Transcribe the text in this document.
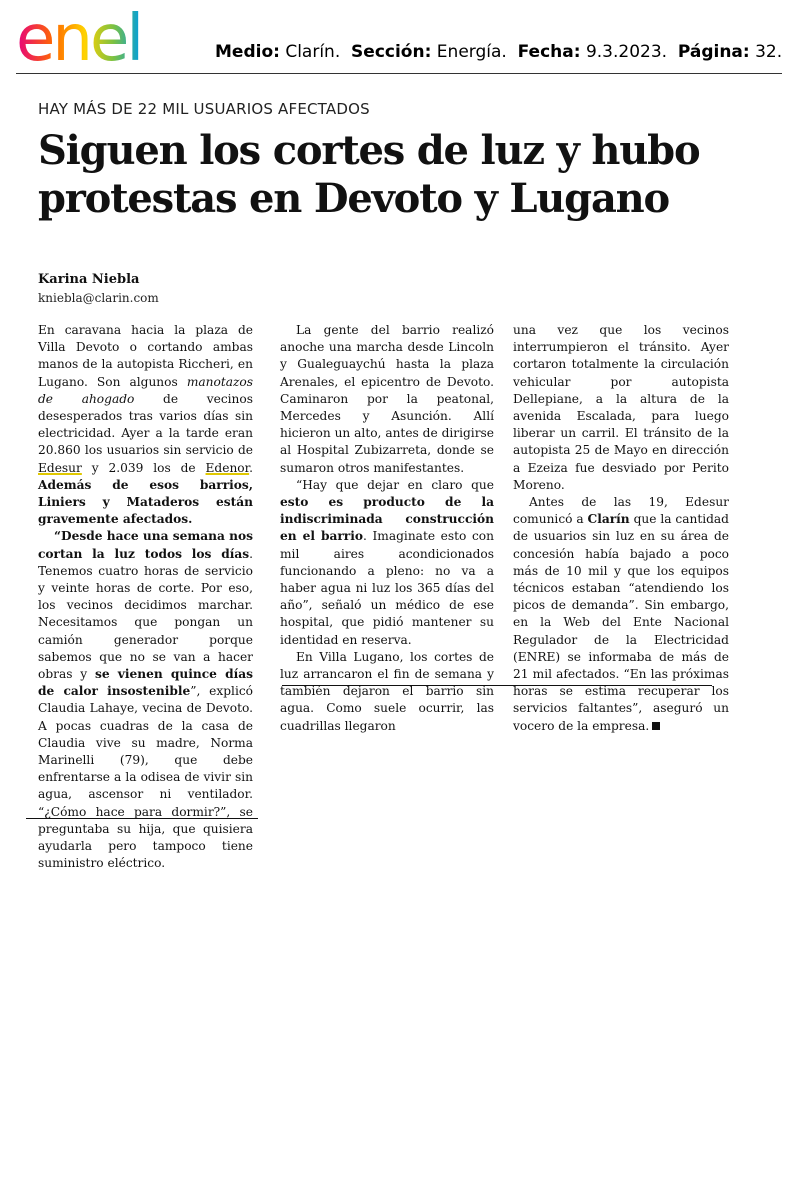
enel	Medio: Clarín. Sección: Energía. Fecha: 9.3.2023. Página: 32.
HAY MÁS DE 22 MIL USUARIOS AFECTADOS
Siguen los cortes de luz y hubo protestas en Devoto y Lugano
Karina Niebla
kniebla@clarin.com

En caravana hacia la plaza de Villa Devoto o cortando ambas manos de la autopista Riccheri, en Lugano. Son algunos manotazos de ahogado de vecinos desesperados tras varios días sin electricidad. Ayer a la tarde eran 20.860 los usuarios sin servicio de Edesur y 2.039 los de Edenor. Además de esos barrios, Liniers y Mataderos están gravemente afectados.

“Desde hace una semana nos cortan la luz todos los días. Tenemos cuatro horas de servicio y veinte horas de corte. Por eso, los vecinos decidimos marchar. Necesitamos que pongan un camión generador porque sabemos que no se van a hacer obras y se vienen quince días de calor insostenible”, explicó Claudia Lahaye, vecina de Devoto. A pocas cuadras de la casa de Claudia vive su madre, Norma Marinelli (79), que debe enfrentarse a la odisea de vivir sin agua, ascensor ni ventilador. “¿Cómo hace para dormir?”, se preguntaba su hija, que quisiera ayudarla pero tampoco tiene suministro eléctrico.

La gente del barrio realizó anoche una marcha desde Lincoln y Gualeguaychú hasta la plaza Arenales, el epicentro de Devoto. Caminaron por la peatonal, Mercedes y Asunción. Allí hicieron un alto, antes de dirigirse al Hospital Zubizarreta, donde se sumaron otros manifestantes.

“Hay que dejar en claro que esto es producto de la indiscriminada construcción en el barrio. Imaginate esto con mil aires acondicionados funcionando a pleno: no va a haber agua ni luz los 365 días del año”, señaló un médico de ese hospital, que pidió mantener su identidad en reserva.

En Villa Lugano, los cortes de luz arrancaron el fin de semana y también dejaron el barrio sin agua. Como suele ocurrir, las cuadrillas llegaron

una vez que los vecinos interrumpieron el tránsito. Ayer cortaron totalmente la circulación vehicular por autopista Dellepiane, a la altura de la avenida Escalada, para luego liberar un carril. El tránsito de la autopista 25 de Mayo en dirección a Ezeiza fue desviado por Perito Moreno.

Antes de las 19, Edesur comunicó a Clarín que la cantidad de usuarios sin luz en su área de concesión había bajado a poco más de 10 mil y que los equipos técnicos estaban “atendiendo los picos de demanda”. Sin embargo, en la Web del Ente Nacional Regulador de la Electricidad (ENRE) se informaba de más de 21 mil afectados. “En las próximas horas se estima recuperar los servicios faltantes”, aseguró un vocero de la empresa.
